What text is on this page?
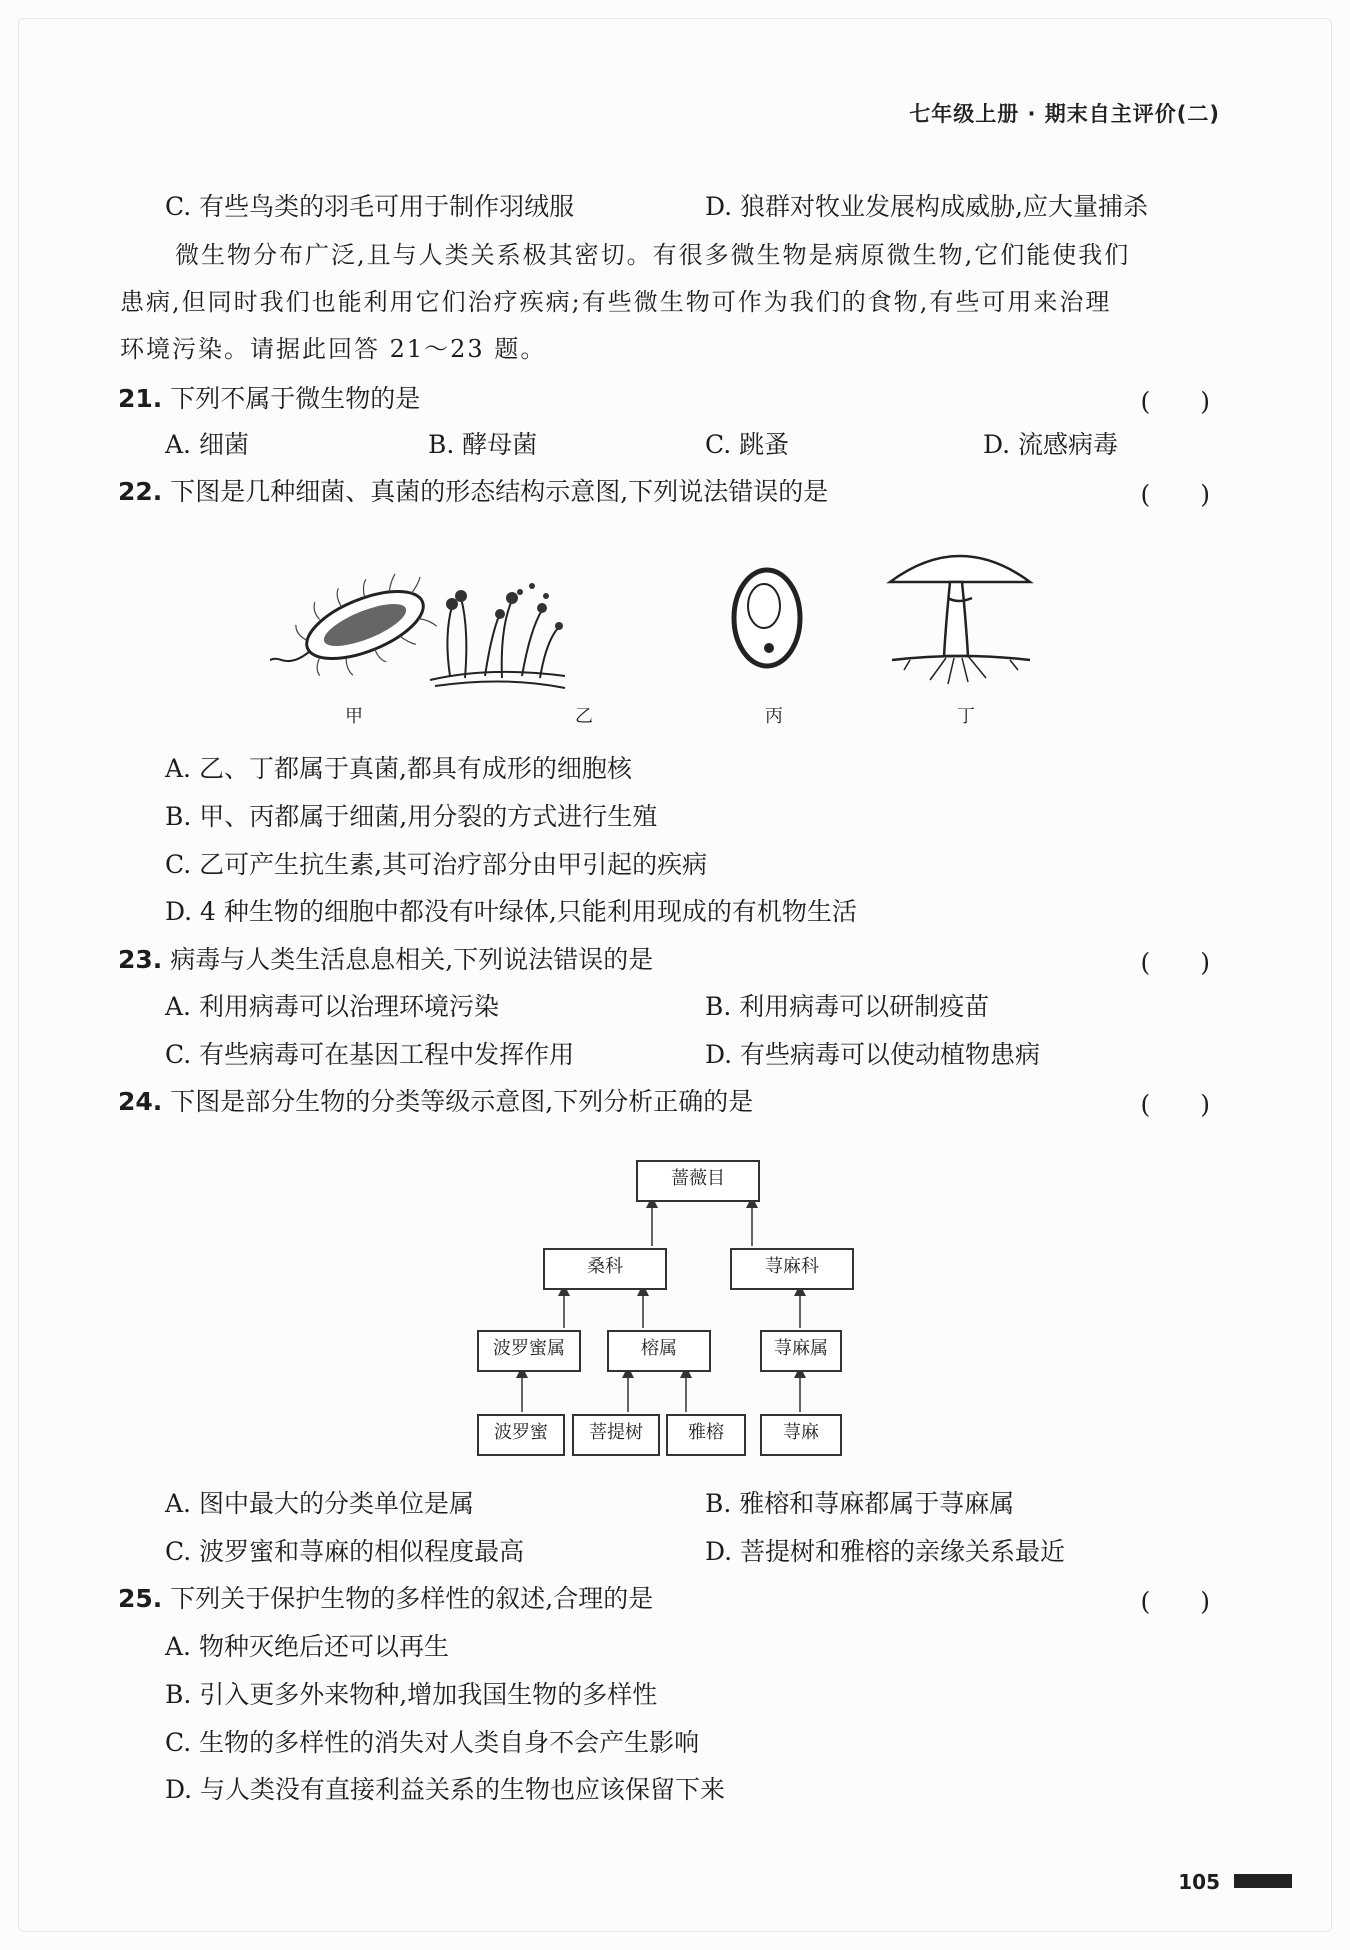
七年级上册 · 期末自主评价(二)
C. 有些鸟类的羽毛可用于制作羽绒服	D. 狼群对牧业发展构成威胁,应大量捕杀
微生物分布广泛,且与人类关系极其密切。有很多微生物是病原微生物,它们能使我们
患病,但同时我们也能利用它们治疗疾病;有些微生物可作为我们的食物,有些可用来治理
环境污染。请据此回答 21～23 题。
21. 下列不属于微生物的是	(　　)
A. 细菌	B. 酵母菌	C. 跳蚤	D. 流感病毒
22. 下图是几种细菌、真菌的形态结构示意图,下列说法错误的是	(　　)
甲	乙	丙	丁
A. 乙、丁都属于真菌,都具有成形的细胞核
B. 甲、丙都属于细菌,用分裂的方式进行生殖
C. 乙可产生抗生素,其可治疗部分由甲引起的疾病
D. 4 种生物的细胞中都没有叶绿体,只能利用现成的有机物生活
23. 病毒与人类生活息息相关,下列说法错误的是	(　　)
A. 利用病毒可以治理环境污染	B. 利用病毒可以研制疫苗
C. 有些病毒可在基因工程中发挥作用	D. 有些病毒可以使动植物患病
24. 下图是部分生物的分类等级示意图,下列分析正确的是	(　　)
蔷薇目
桑科	荨麻科
波罗蜜属	榕属	荨麻属
波罗蜜	菩提树	雅榕	荨麻
A. 图中最大的分类单位是属	B. 雅榕和荨麻都属于荨麻属
C. 波罗蜜和荨麻的相似程度最高	D. 菩提树和雅榕的亲缘关系最近
25. 下列关于保护生物的多样性的叙述,合理的是	(　　)
A. 物种灭绝后还可以再生
B. 引入更多外来物种,增加我国生物的多样性
C. 生物的多样性的消失对人类自身不会产生影响
D. 与人类没有直接利益关系的生物也应该保留下来
105
